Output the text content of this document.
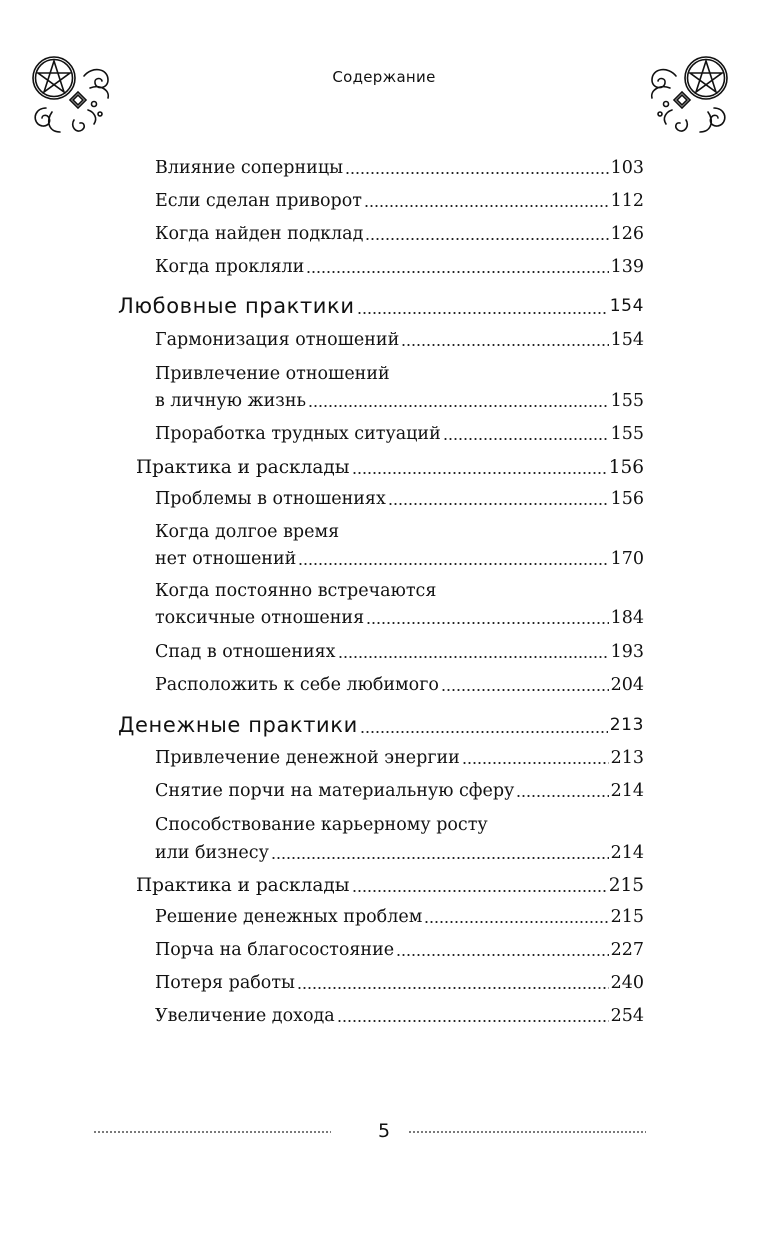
Содержание
Влияние соперницы	103
Если сделан приворот	112
Когда найден подклад	126
Когда прокляли	139
Любовные практики	154
Гармонизация отношений	154
Привлечение отношений
в личную жизнь	155
Проработка трудных ситуаций	155
Практика и расклады	156
Проблемы в отношениях	156
Когда долгое время
нет отношений	170
Когда постоянно встречаются
токсичные отношения	184
Спад в отношениях	193
Расположить к себе любимого	204
Денежные практики	213
Привлечение денежной энергии	213
Снятие порчи на материальную сферу	214
Способствование карьерному росту
или бизнесу	214
Практика и расклады	215
Решение денежных проблем	215
Порча на благосостояние	227
Потеря работы	240
Увеличение дохода	254
5
